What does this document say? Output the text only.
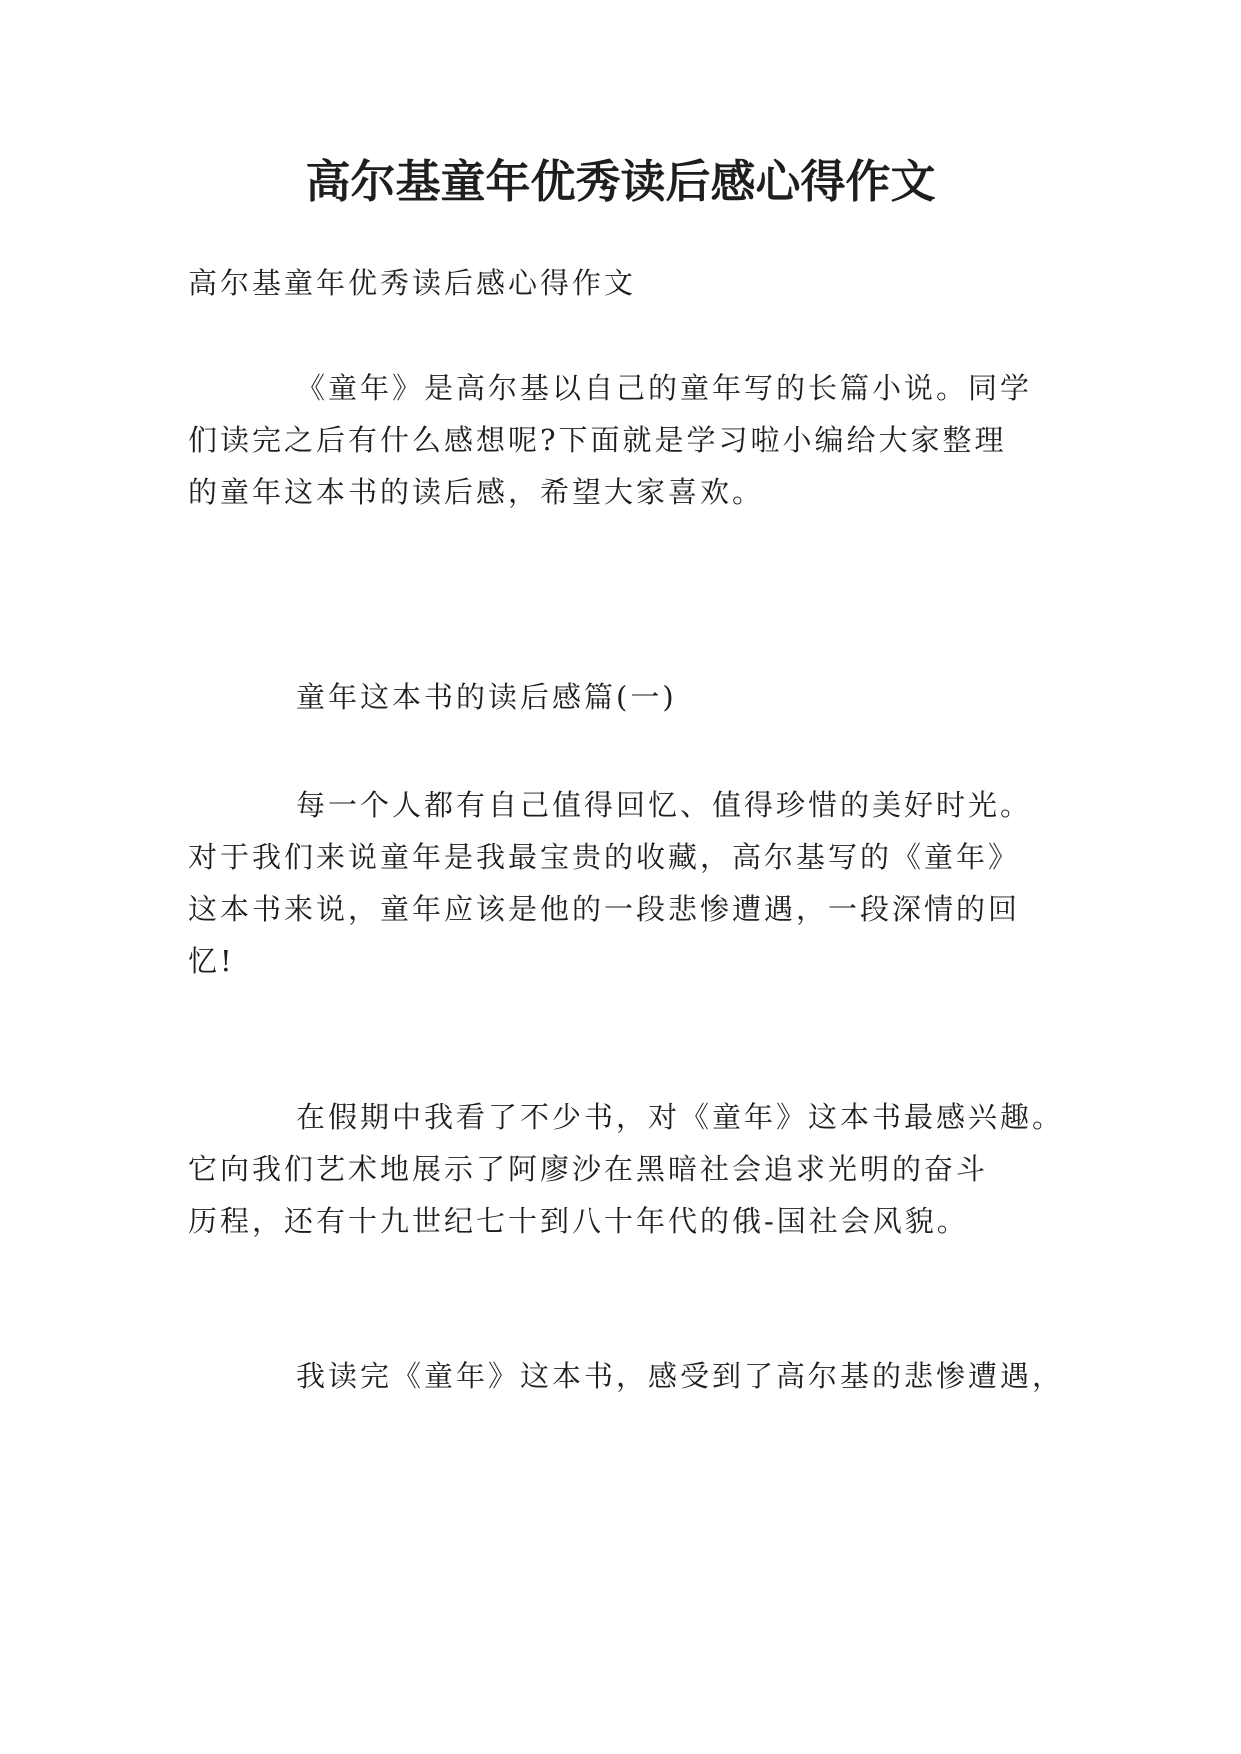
高尔基童年优秀读后感心得作文
高尔基童年优秀读后感心得作文
《童年》是高尔基以自己的童年写的长篇小说。同学
们读完之后有什么感想呢?下面就是学习啦小编给大家整理
的童年这本书的读后感，希望大家喜欢。
童年这本书的读后感篇(一)
每一个人都有自己值得回忆、值得珍惜的美好时光。
对于我们来说童年是我最宝贵的收藏，高尔基写的《童年》
这本书来说，童年应该是他的一段悲惨遭遇，一段深情的回
忆!
在假期中我看了不少书，对《童年》这本书最感兴趣。
它向我们艺术地展示了阿廖沙在黑暗社会追求光明的奋斗
历程，还有十九世纪七十到八十年代的俄-国社会风貌。
我读完《童年》这本书，感受到了高尔基的悲惨遭遇，
